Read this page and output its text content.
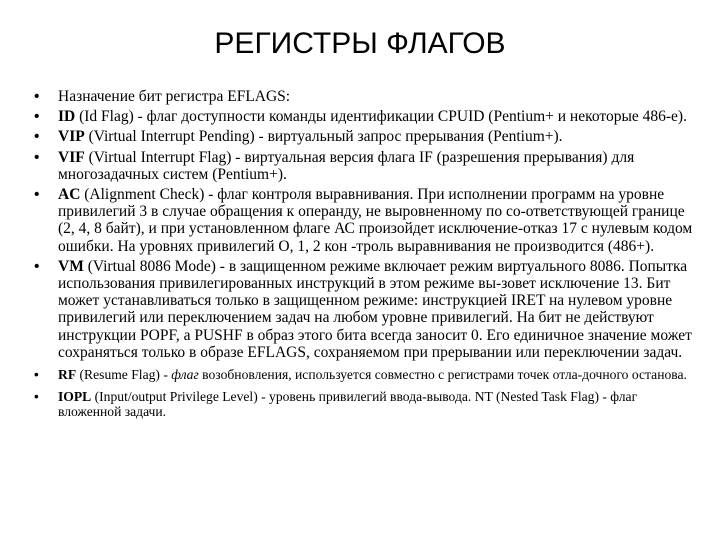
РЕГИСТРЫ ФЛАГОВ
• Назначение бит регистра EFLAGS:
• ID (Id Flag) - флаг доступности команды идентификации CPUID (Pentium+ и некоторые 486-е).
• VIP (Virtual Interrupt Pending) - виртуальный запрос прерывания (Pentium+).
• VIF (Virtual Interrupt Flag) - виртуальная версия флага IF (разрешения прерывания) для многозадачных систем (Pentium+).
• AC (Alignment Check) - флаг контроля выравнивания. При исполнении программ на уровне привилегий 3 в случае обращения к операнду, не выровненному по со-ответствующей границе (2, 4, 8 байт), и при установленном флаге АС произойдет исключение-отказ 17 с нулевым кодом ошибки. На уровнях привилегий О, 1, 2 кон -троль выравнивания не производится (486+).
• VM (Virtual 8086 Mode) - в защищенном режиме включает режим виртуального 8086. Попытка использования привилегированных инструкций в этом режиме вы-зовет исключение 13. Бит может устанавливаться только в защищенном режиме: инструкцией IRET на нулевом уровне привилегий или переключением задач на любом уровне привилегий. На бит не действуют инструкции POPF, a PUSHF в образ этого бита всегда заносит 0. Его единичное значение может сохраняться только в образе EFLAGS, сохраняемом при прерывании или переключении задач.
• RF (Resume Flag) - флаг возобновления, используется совместно с регистрами точек отла-дочного останова.
• IOPL (Input/output Privilege Level) - уровень привилегий ввода-вывода. NT (Nested Task Flag) - флаг вложенной задачи.
